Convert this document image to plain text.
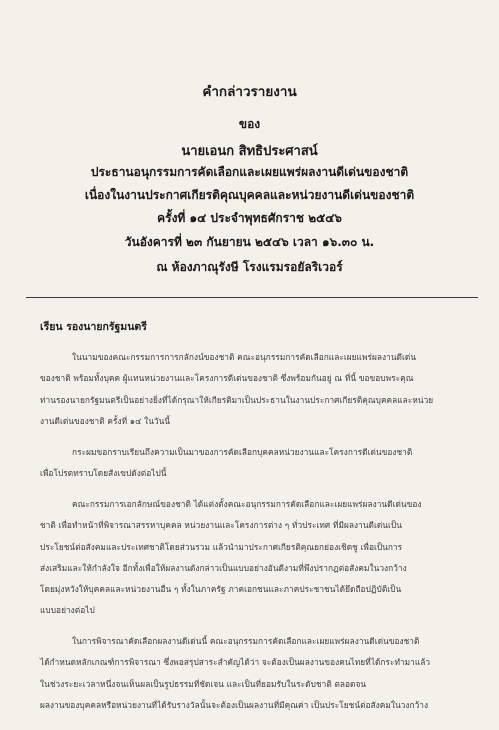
คำกล่าวรายงาน
ของ
นายเอนก สิทธิประศาสน์
ประธานอนุกรรมการคัดเลือกและเผยแพร่ผลงานดีเด่นของชาติ
เนื่องในงานประกาศเกียรติคุณบุคคลและหน่วยงานดีเด่นของชาติ
ครั้งที่ ๑๔ ประจำพุทธศักราช ๒๕๔๖
วันอังคารที่ ๒๓ กันยายน ๒๕๔๖ เวลา ๑๖.๓๐ น.
ณ ห้องภาณุรังษี โรงแรมรอยัลริเวอร์
เรียน รองนายกรัฐมนตรี
ในนามของคณะกรรมการการกลักงน์ของชาติ คณะอนุกรรมการคัดเลือกและเผยแพร่ผลงานดีเด่น
ของชาติ พร้อมทั้งบุคค ผู้แทนหน่วยงานและโครงการดีเด่นของชาติ ซึ่งพร้อมกันอยู่ ณ ที่นี้ ขอขอบพระคุณ
ท่านรองนายกรัฐมนตรีเป็นอย่างยิ่งที่ได้กรุณาให้เกียรติมาเป็นประธานในงานประกาศเกียรติคุณบุคคลและหน่วย
งานดีเด่นของชาติ ครั้งที่ ๑๔ ในวันนี้
กระผมขอกราบเรียนถึงความเป็นมาของการคัดเลือกบุคคลหน่วยงานและโครงการดีเด่นของชาติ
เพื่อโปรดทราบโดยสังเขปดังต่อไปนี้
คณะกรรมการเอกลักษณ์ของชาติ ได้แต่งตั้งคณะอนุกรรมการคัดเลือกและเผยแพร่ผลงานดีเด่นของ
ชาติ เพื่อทำหน้าที่พิจารณาสรรหาบุคคล หน่วยงานและโครงการต่าง ๆ ทั่วประเทศ ที่มีผลงานดีเด่นเป็น
ประโยชน์ต่อสังคมและประเทศชาติโดยส่วนรวม แล้วนำมาประกาศเกียรติคุณยกย่องเชิดชู เพื่อเป็นการ
ส่งเสริมและให้กำลังใจ อีกทั้งเพื่อให้ผลงานดังกล่าวเป็นแบบอย่างอันดีงามที่พึงปรากฏต่อสังคมในวงกว้าง
โดยมุ่งหวังให้บุคคลและหน่วยงานอื่น ๆ ทั้งในภาครัฐ ภาคเอกชนและภาคประชาชนได้ยึดถือปฏิบัติเป็น
แบบอย่างต่อไป
ในการพิจารณาคัดเลือกผลงานดีเด่นนี้ คณะอนุกรรมการคัดเลือกและเผยแพร่ผลงานดีเด่นของชาติ
ได้กำหนดหลักเกณฑ์การพิจารณา ซึ่งพอสรุปสาระสำคัญได้ว่า จะต้องเป็นผลงานของคนไทยที่ได้กระทำมาแล้ว
ในช่วงระยะเวลาหนึ่งจนเห็นผลเป็นรูปธรรมที่ชัดเจน และเป็นที่ยอมรับในระดับชาติ ตลอดจน
ผลงานของบุคคลหรือหน่วยงานที่ได้รับรางวัลนั้นจะต้องเป็นผลงานที่มีคุณค่า เป็นประโยชน์ต่อสังคมในวงกว้าง
